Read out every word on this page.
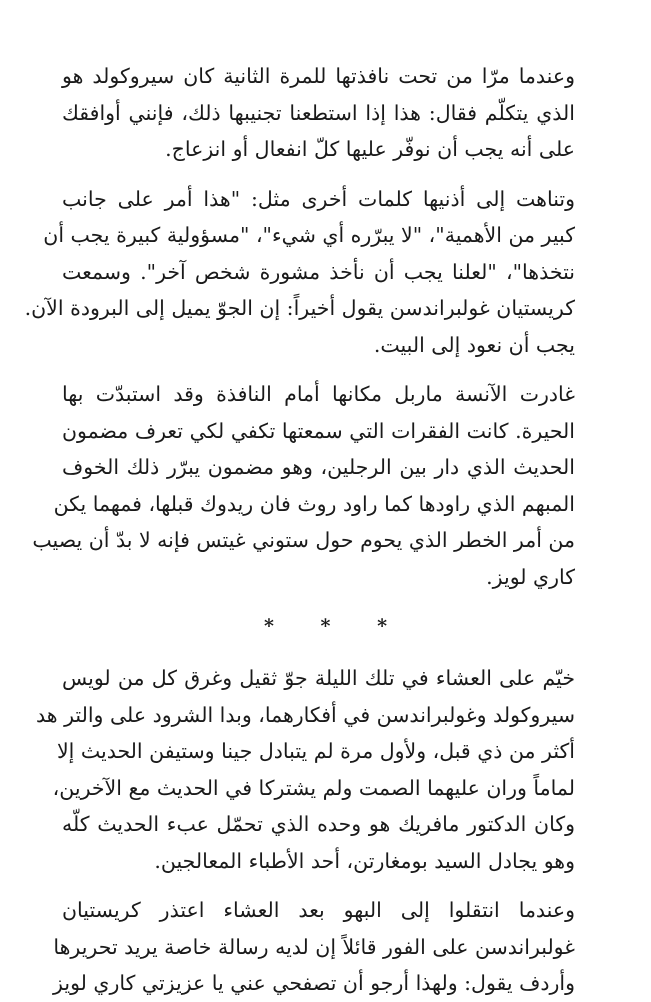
وعندما مرّا من تحت نافذتها للمرة الثانية كان سيروكولد هو
الذي يتكلّم فقال: هذا إذا استطعنا تجنيبها ذلك، فإنني أوافقك
على أنه يجب أن نوفّر عليها كلّ انفعال أو انزعاج.

وتناهت إلى أذنيها كلمات أخرى مثل: "هذا أمر على جانب
كبير من الأهمية"، "لا يبرّره أي شيء"، "مسؤولية كبيرة يجب أن
نتخذها"، "لعلنا يجب أن نأخذ مشورة شخص آخر". وسمعت
كريستيان غولبراندسن يقول أخيراً: إن الجوّ يميل إلى البرودة الآن.
يجب أن نعود إلى البيت.

غادرت الآنسة ماربل مكانها أمام النافذة وقد استبدّت بها
الحيرة. كانت الفقرات التي سمعتها تكفي لكي تعرف مضمون
الحديث الذي دار بين الرجلين، وهو مضمون يبرّر ذلك الخوف
المبهم الذي راودها كما راود روث فان ريدوك قبلها، فمهما يكن
من أمر الخطر الذي يحوم حول ستوني غيتس فإنه لا بدّ أن يصيب
كاري لويز.

* * *

خيّم على العشاء في تلك الليلة جوّ ثقيل وغرق كل من لويس
سيروكولد وغولبراندسن في أفكارهما، وبدا الشرود على والتر هد
أكثر من ذي قبل، ولأول مرة لم يتبادل جينا وستيفن الحديث إلا
لماماً وران عليهما الصمت ولم يشتركا في الحديث مع الآخرين،
وكان الدكتور مافريك هو وحده الذي تحمّل عبء الحديث كلّه
وهو يجادل السيد بومغارتن، أحد الأطباء المعالجين.

وعندما انتقلوا إلى البهو بعد العشاء اعتذر كريستيان
غولبراندسن على الفور قائلاً إن لديه رسالة خاصة يريد تحريرها
وأردف يقول: ولهذا أرجو أن تصفحي عني يا عزيزتي كاري لويز
